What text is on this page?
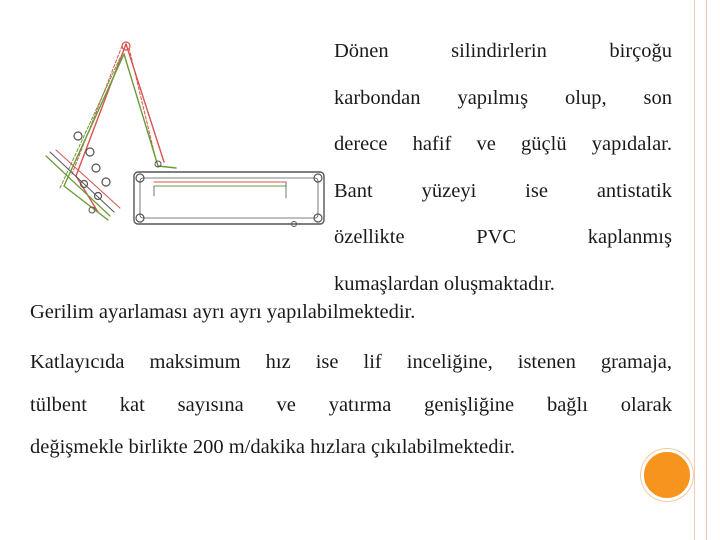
Dönen silindirlerin birçoğu
karbondan yapılmış olup, son
derece hafif ve güçlü yapıdalar.
Bant yüzeyi ise antistatik
özellikte PVC kaplanmış
kumaşlardan oluşmaktadır.
Gerilim ayarlaması ayrı ayrı yapılabilmektedir.
Katlayıcıda maksimum hız ise lif inceliğine, istenen gramaja,
tülbent kat sayısına ve yatırma genişliğine bağlı olarak
değişmekle birlikte 200 m/dakika hızlara çıkılabilmektedir.
